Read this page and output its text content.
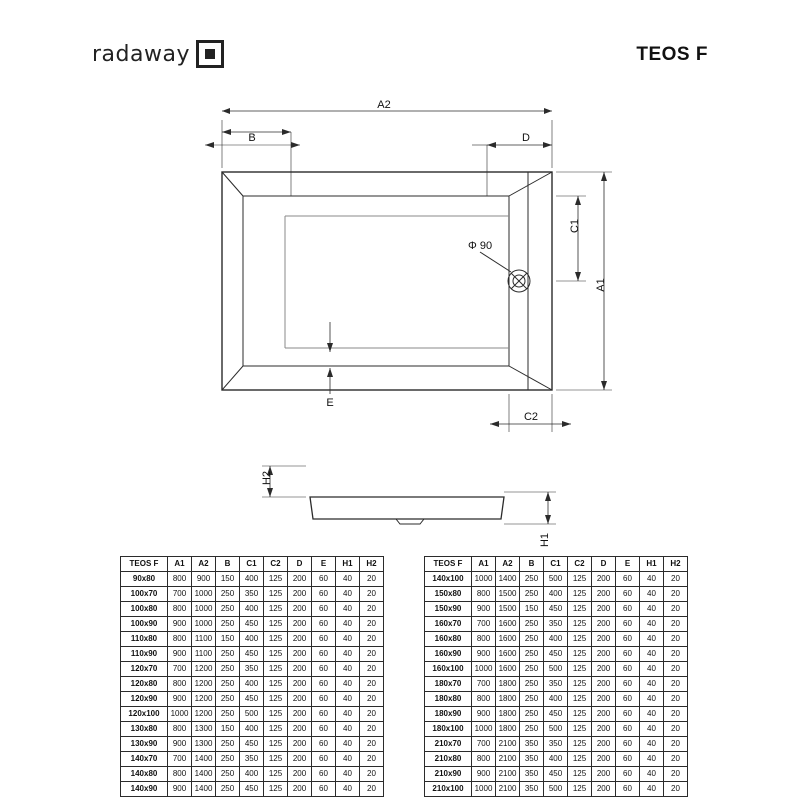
radaway	TEOS F
A2
B	D
A1
C1
C2
E
H2
H1
Φ 90
TEOS F	A1	A2	B	C1	C2	D	E	H1	H2
90x80	800	900	150	400	125	200	60	40	20
100x70	700	1000	250	350	125	200	60	40	20
100x80	800	1000	250	400	125	200	60	40	20
100x90	900	1000	250	450	125	200	60	40	20
110x80	800	1100	150	400	125	200	60	40	20
110x90	900	1100	250	450	125	200	60	40	20
120x70	700	1200	250	350	125	200	60	40	20
120x80	800	1200	250	400	125	200	60	40	20
120x90	900	1200	250	450	125	200	60	40	20
120x100	1000	1200	250	500	125	200	60	40	20
130x80	800	1300	150	400	125	200	60	40	20
130x90	900	1300	250	450	125	200	60	40	20
140x70	700	1400	250	350	125	200	60	40	20
140x80	800	1400	250	400	125	200	60	40	20
140x90	900	1400	250	450	125	200	60	40	20
TEOS F	A1	A2	B	C1	C2	D	E	H1	H2
140x100	1000	1400	250	500	125	200	60	40	20
150x80	800	1500	250	400	125	200	60	40	20
150x90	900	1500	150	450	125	200	60	40	20
160x70	700	1600	250	350	125	200	60	40	20
160x80	800	1600	250	400	125	200	60	40	20
160x90	900	1600	250	450	125	200	60	40	20
160x100	1000	1600	250	500	125	200	60	40	20
180x70	700	1800	250	350	125	200	60	40	20
180x80	800	1800	250	400	125	200	60	40	20
180x90	900	1800	250	450	125	200	60	40	20
180x100	1000	1800	250	500	125	200	60	40	20
210x70	700	2100	350	350	125	200	60	40	20
210x80	800	2100	350	400	125	200	60	40	20
210x90	900	2100	350	450	125	200	60	40	20
210x100	1000	2100	350	500	125	200	60	40	20
